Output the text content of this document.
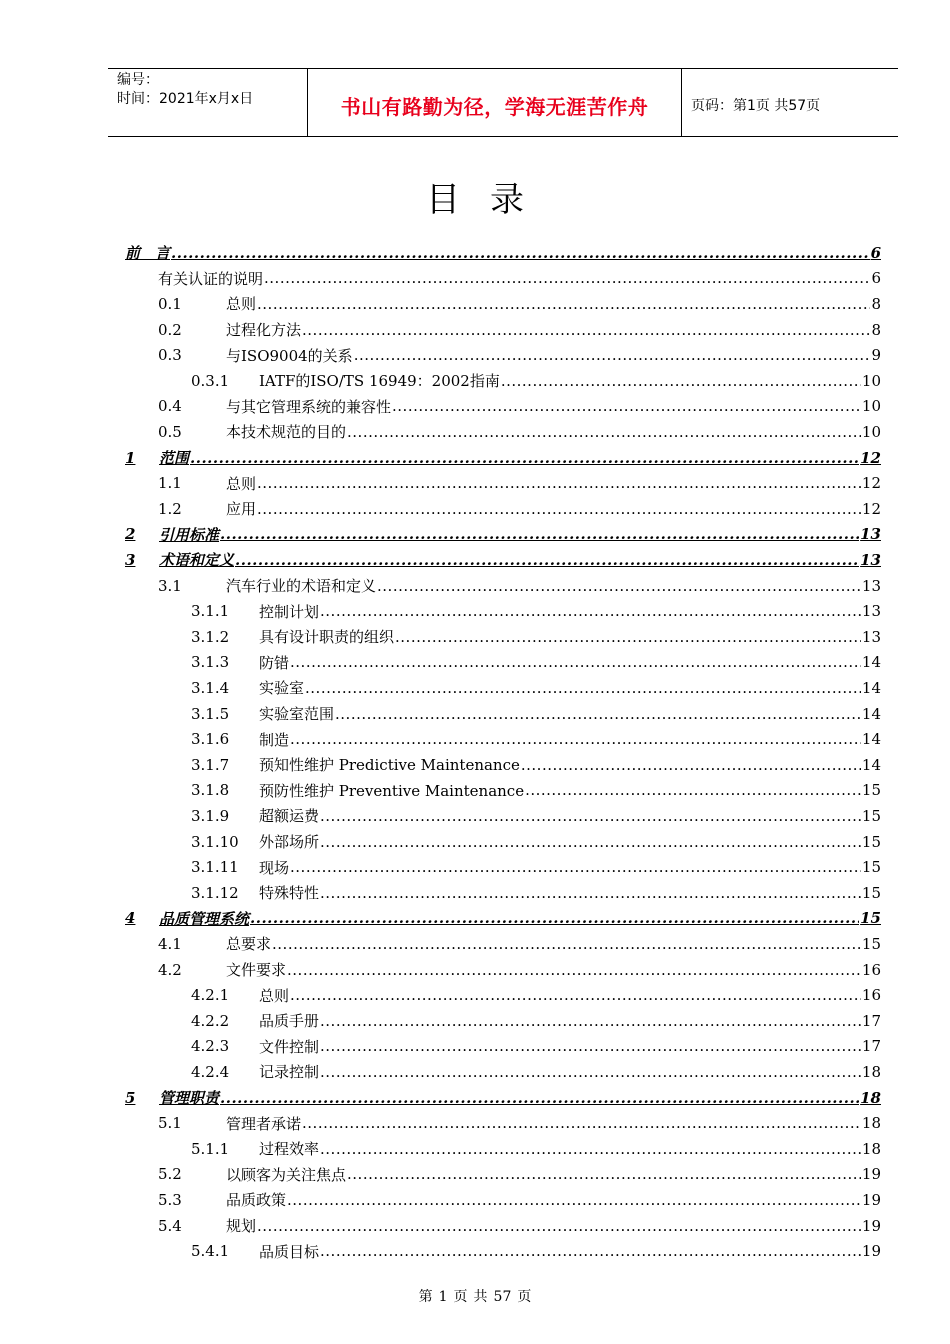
编号：
时间：2021年x月x日	书山有路勤为径，学海无涯苦作舟	页码：第1页 共57页
目录
前　言 .....	6
有关认证的说明 .....	6
0.1	总则 .....	8
0.2	过程化方法 .....	8
0.3	与ISO9004的关系 .....	9
0.3.1 IATF的ISO/TS 16949：2002指南 .....	10
0.4	与其它管理系统的兼容性 .....	10
0.5	本技术规范的目的 .....	10
1 范围 .....	12
1.1	总则 .....	12
1.2	应用 .....	12
2 引用标准 .....	13
3 术语和定义 .....	13
3.1	汽车行业的术语和定义 .....	13
3.1.1 控制计划 .....	13
3.1.2 具有设计职责的组织 .....	13
3.1.3 防错 .....	14
3.1.4 实验室 .....	14
3.1.5 实验室范围 .....	14
3.1.6 制造 .....	14
3.1.7 预知性维护 Predictive Maintenance .....	14
3.1.8 预防性维护 Preventive Maintenance .....	15
3.1.9 超额运费 .....	15
3.1.10 外部场所 .....	15
3.1.11 现场 .....	15
3.1.12 特殊特性 .....	15
4 品质管理系统 .....	15
4.1	总要求 .....	15
4.2	文件要求 .....	16
4.2.1 总则 .....	16
4.2.2 品质手册 .....	17
4.2.3 文件控制 .....	17
4.2.4 记录控制 .....	18
5 管理职责 .....	18
5.1	管理者承诺 .....	18
5.1.1 过程效率 .....	18
5.2	以顾客为关注焦点 .....	19
5.3	品质政策 .....	19
5.4	规划 .....	19
5.4.1 品质目标 .....	19
第 1 页 共 57 页
